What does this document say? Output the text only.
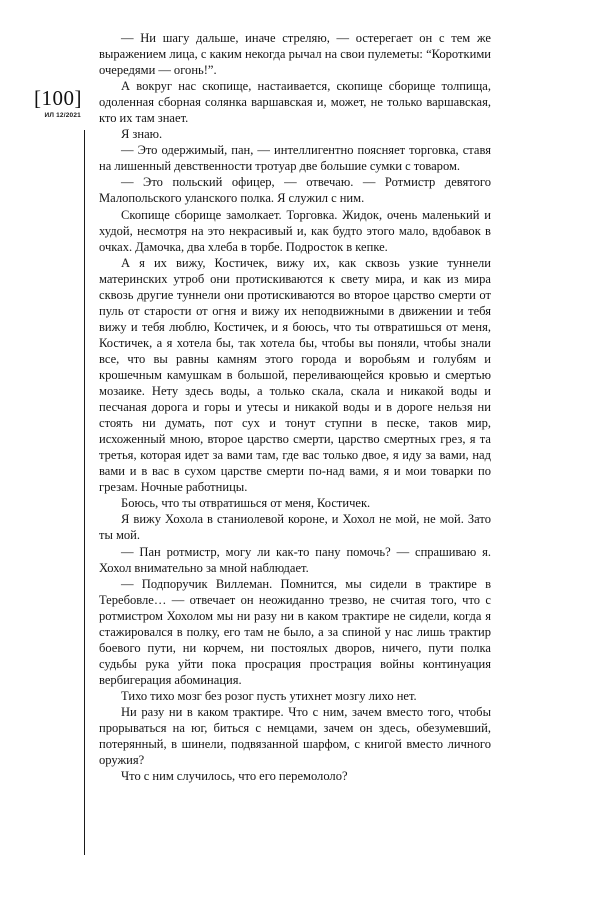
[100]
ИЛ 12/2021

— Ни шагу дальше, иначе стреляю, — остерегает он с тем же выражением лица, с каким некогда рычал на свои пулеметы: “Короткими очередями — огонь!”.

А вокруг нас скопище, настаивается, скопище сборище толпища, одоленная сборная солянка варшавская и, может, не только варшавская, кто их там знает.

Я знаю.

— Это одержимый, пан, — интеллигентно поясняет торговка, ставя на лишенный девственности тротуар две большие сумки с товаром.

— Это польский офицер, — отвечаю. — Ротмистр девятого Малопольского уланского полка. Я служил с ним.

Скопище сборище замолкает. Торговка. Жидок, очень маленький и худой, несмотря на это некрасивый и, как будто этого мало, вдобавок в очках. Дамочка, два хлеба в торбе. Подросток в кепке.

А я их вижу, Костичек, вижу их, как сквозь узкие туннели материнских утроб они протискиваются к свету мира, и как из мира сквозь другие туннели они протискиваются во второе царство смерти от пуль от старости от огня и вижу их неподвижными в движении и тебя вижу и тебя люблю, Костичек, и я боюсь, что ты отвратишься от меня, Костичек, а я хотела бы, так хотела бы, чтобы вы поняли, чтобы знали все, что вы равны камням этого города и воробьям и голубям и крошечным камушкам в большой, переливающейся кровью и смертью мозаике. Нету здесь воды, а только скала, скала и никакой воды и песчаная дорога и горы и утесы и никакой воды и в дороге нельзя ни стоять ни думать, пот сух и тонут ступни в песке, таков мир, исхоженный мною, второе царство смерти, царство смертных грез, я та третья, которая идет за вами там, где вас только двое, я иду за вами, над вами и в вас в сухом царстве смерти по-над вами, я и мои товарки по грезам. Ночные работницы.

Боюсь, что ты отвратишься от меня, Костичек.

Я вижу Хохола в станиолевой короне, и Хохол не мой, не мой. Зато ты мой.

— Пан ротмистр, могу ли как-то пану помочь? — спрашиваю я. Хохол внимательно за мной наблюдает.

— Подпоручик Виллеман. Помнится, мы сидели в трактире в Теребовле… — отвечает он неожиданно трезво, не считая того, что с ротмистром Хохолом мы ни разу ни в каком трактире не сидели, когда я стажировался в полку, его там не было, а за спиной у нас лишь трактир боевого пути, ни корчем, ни постоялых дворов, ничего, пути полка судьбы рука уйти пока просрация прострация войны континуация вербигерация абоминация.

Тихо тихо мозг без розог пусть утихнет мозгу лихо нет.

Ни разу ни в каком трактире. Что с ним, зачем вместо того, чтобы прорываться на юг, биться с немцами, зачем он здесь, обезумевший, потерянный, в шинели, подвязанной шарфом, с книгой вместо личного оружия?

Что с ним случилось, что его перемололо?
